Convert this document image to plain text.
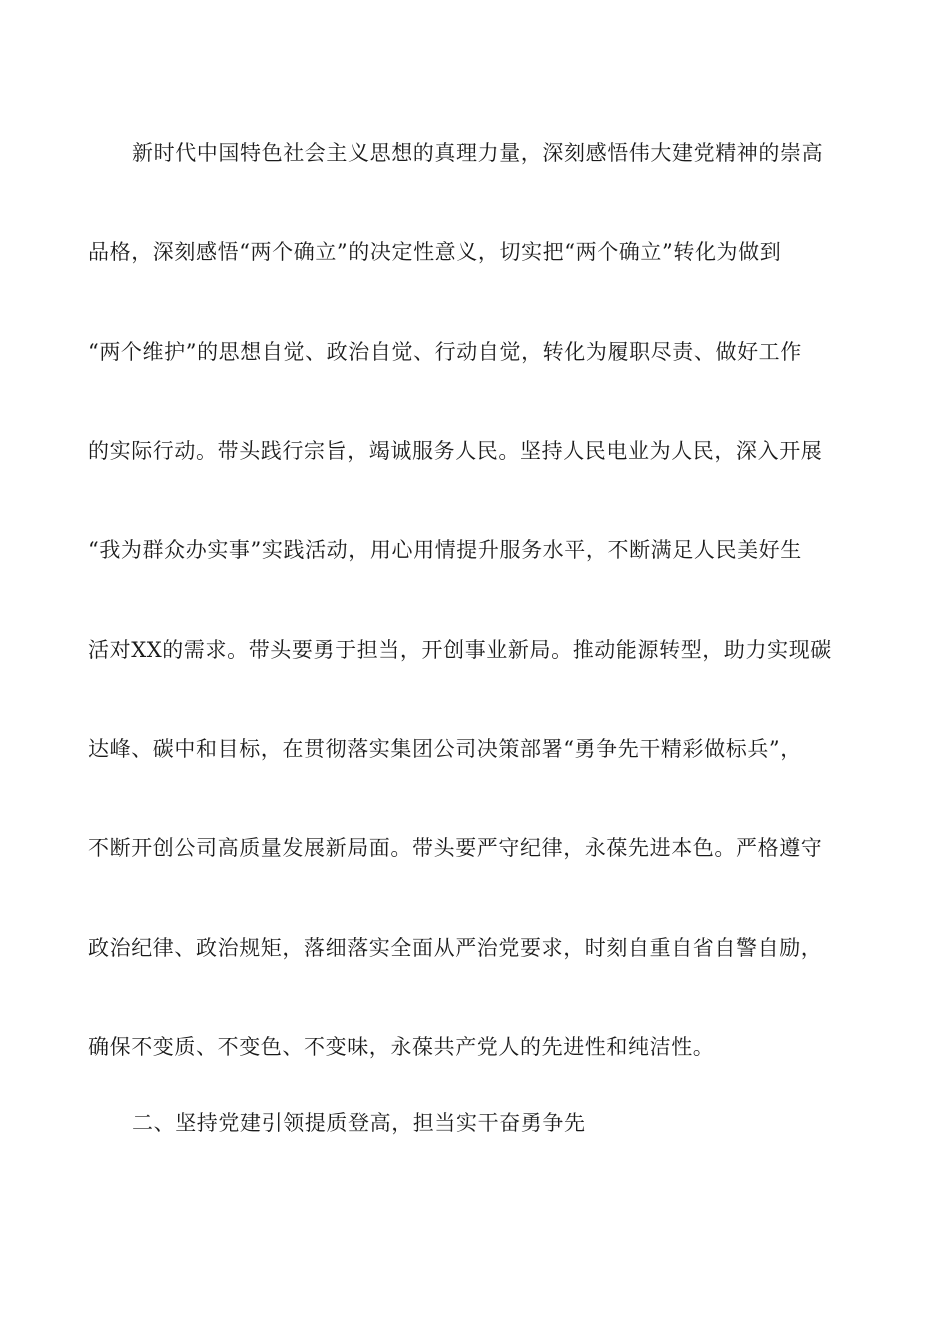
新时代中国特色社会主义思想的真理力量，深刻感悟伟大建党精神的崇高
品格，深刻感悟“两个确立”的决定性意义，切实把“两个确立”转化为做到
“两个维护”的思想自觉、政治自觉、行动自觉，转化为履职尽责、做好工作
的实际行动。带头践行宗旨，竭诚服务人民。坚持人民电业为人民，深入开展
“我为群众办实事”实践活动，用心用情提升服务水平，不断满足人民美好生
活对XX的需求。带头要勇于担当，开创事业新局。推动能源转型，助力实现碳
达峰、碳中和目标，在贯彻落实集团公司决策部署“勇争先干精彩做标兵”，
不断开创公司高质量发展新局面。带头要严守纪律，永葆先进本色。严格遵守
政治纪律、政治规矩，落细落实全面从严治党要求，时刻自重自省自警自励，
确保不变质、不变色、不变味，永葆共产党人的先进性和纯洁性。
二、坚持党建引领提质登高，担当实干奋勇争先
